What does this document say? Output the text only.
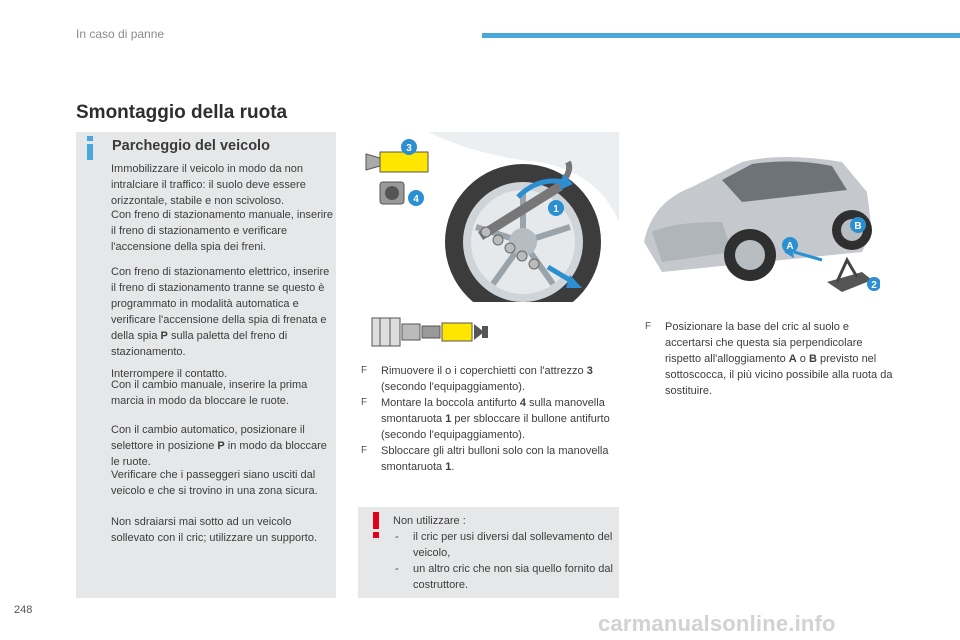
In caso di panne
Smontaggio della ruota
Parcheggio del veicolo
Immobilizzare il veicolo in modo da non intralciare il traffico: il suolo deve essere orizzontale, stabile e non scivoloso.
Con freno di stazionamento manuale, inserire il freno di stazionamento e verificare l'accensione della spia dei freni.
Con freno di stazionamento elettrico, inserire il freno di stazionamento tranne se questo è programmato in modalità automatica e verificare l'accensione della spia di frenata e della spia P sulla paletta del freno di stazionamento.
Interrompere il contatto.
Con il cambio manuale, inserire la prima marcia in modo da bloccare le ruote.
Con il cambio automatico, posizionare il selettore in posizione P in modo da bloccare le ruote.
Verificare che i passeggeri siano usciti dal veicolo e che si trovino in una zona sicura.
Non sdraiarsi mai sotto ad un veicolo sollevato con il cric; utilizzare un supporto.
3
4
1
A
B
2
F Rimuovere il o i coperchietti con l'attrezzo 3 (secondo l'equipaggiamento).
F Montare la boccola antifurto 4 sulla manovella smontaruota 1 per sbloccare il bullone antifurto (secondo l'equipaggiamento).
F Sbloccare gli altri bulloni solo con la manovella smontaruota 1.
Non utilizzare :
- il cric per usi diversi dal sollevamento del veicolo,
- un altro cric che non sia quello fornito dal costruttore.
F Posizionare la base del cric al suolo e accertarsi che questa sia perpendicolare rispetto all'alloggiamento A o B previsto nel sottoscocca, il più vicino possibile alla ruota da sostituire.
248
carmanualsonline.info
